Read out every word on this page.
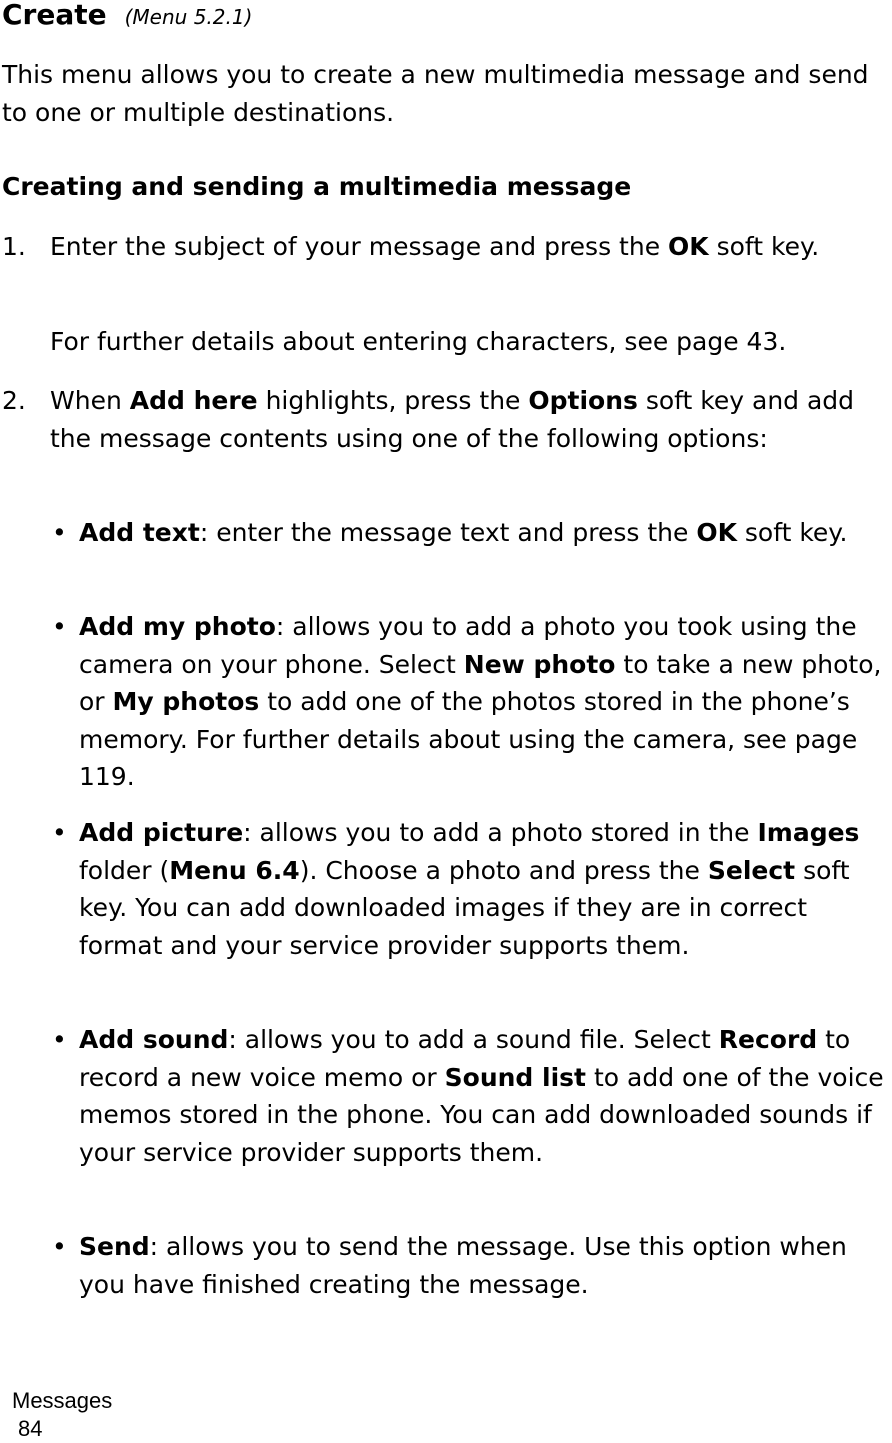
Create (Menu 5.2.1)

This menu allows you to create a new multimedia message and send to one or multiple destinations.

Creating and sending a multimedia message
1. Enter the subject of your message and press the OK soft key.

For further details about entering characters, see page 43.

2. When Add here highlights, press the Options soft key and add the message contents using one of the following options:

• Add text: enter the message text and press the OK soft key.

• Add my photo: allows you to add a photo you took using the camera on your phone. Select New photo to take a new photo, or My photos to add one of the photos stored in the phone’s memory. For further details about using the camera, see page 119.

• Add picture: allows you to add a photo stored in the Images folder (Menu 6.4). Choose a photo and press the Select soft key. You can add downloaded images if they are in correct format and your service provider supports them.

• Add sound: allows you to add a sound file. Select Record to record a new voice memo or Sound list to add one of the voice memos stored in the phone. You can add downloaded sounds if your service provider supports them.

• Send: allows you to send the message. Use this option when you have finished creating the message.

Messages
84
